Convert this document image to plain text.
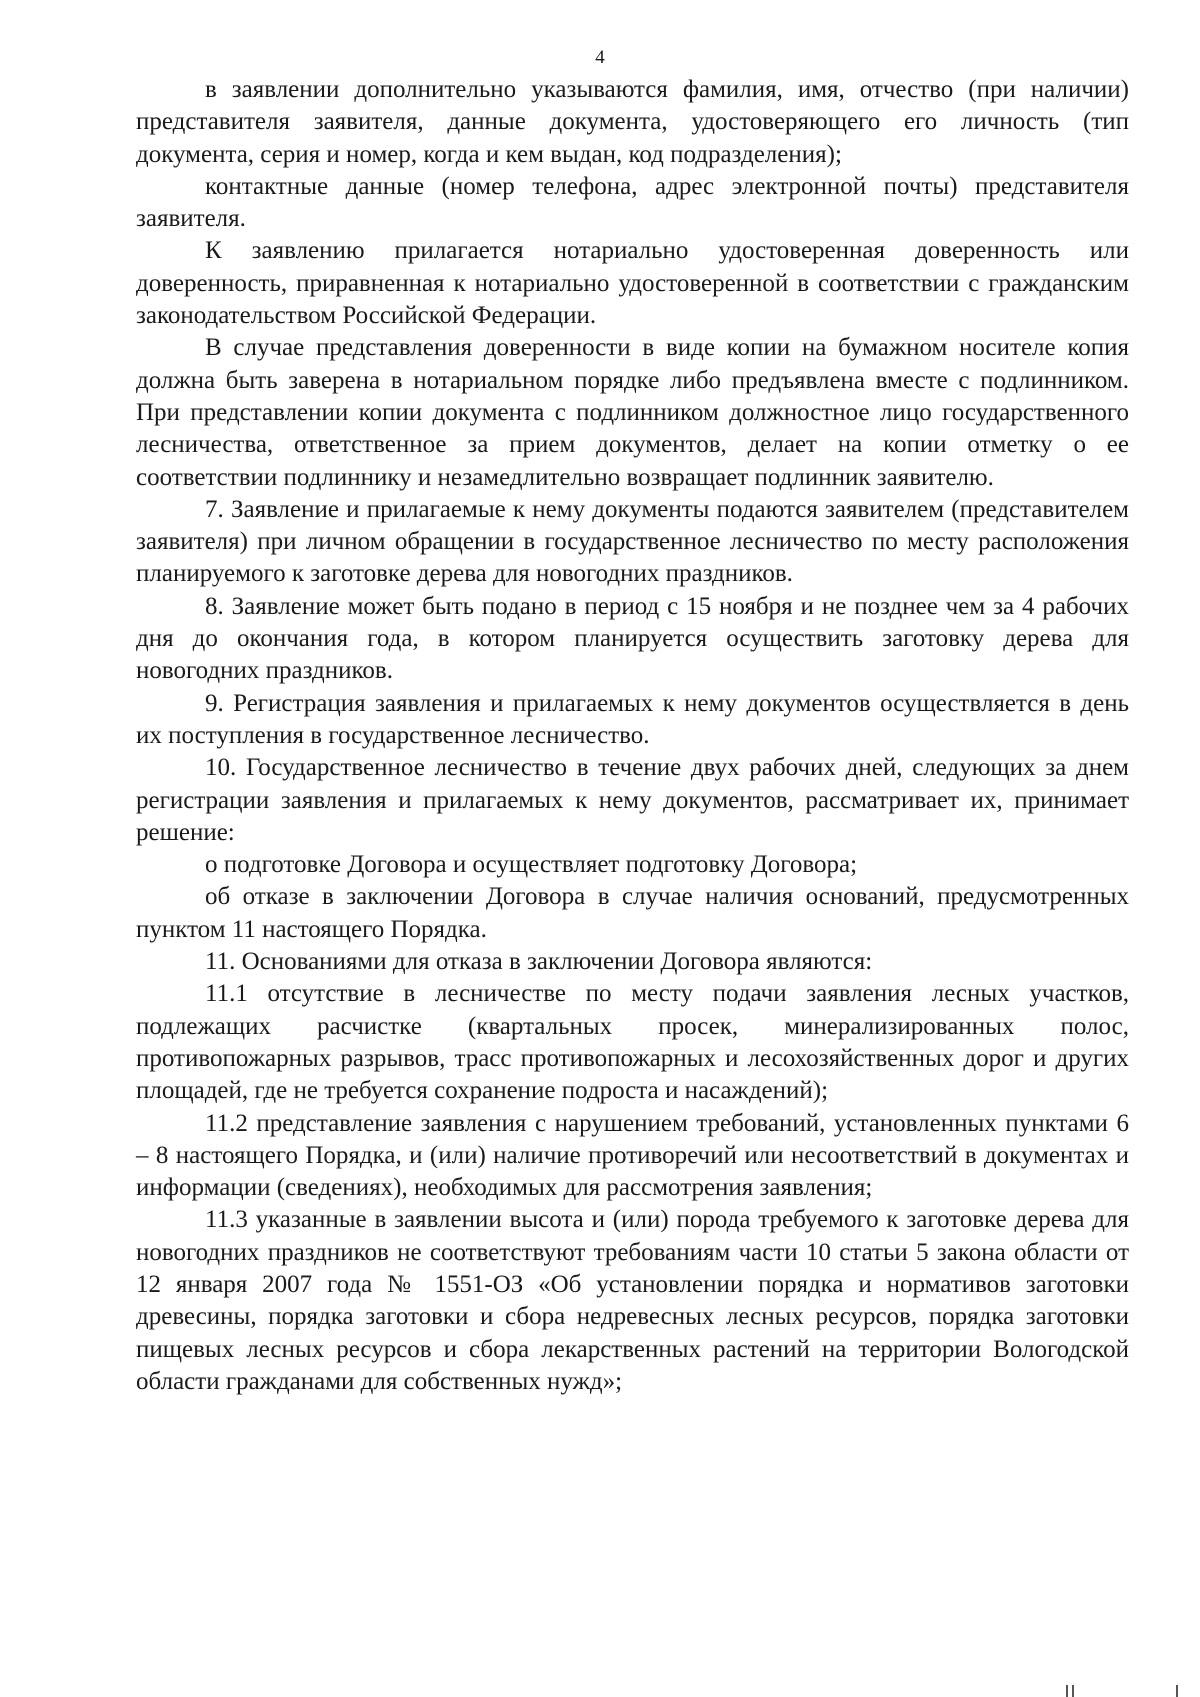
4

в заявлении дополнительно указываются фамилия, имя, отчество (при наличии) представителя заявителя, данные документа, удостоверяющего его личность (тип документа, серия и номер, когда и кем выдан, код подразделения);

контактные данные (номер телефона, адрес электронной почты) представителя заявителя.

К заявлению прилагается нотариально удостоверенная доверенность или доверенность, приравненная к нотариально удостоверенной в соответствии с гражданским законодательством Российской Федерации.

В случае представления доверенности в виде копии на бумажном носителе копия должна быть заверена в нотариальном порядке либо предъявлена вместе с подлинником. При представлении копии документа с подлинником должностное лицо государственного лесничества, ответственное за прием документов, делает на копии отметку о ее соответствии подлиннику и незамедлительно возвращает подлинник заявителю.

7. Заявление и прилагаемые к нему документы подаются заявителем (представителем заявителя) при личном обращении в государственное лесничество по месту расположения планируемого к заготовке дерева для новогодних праздников.

8. Заявление может быть подано в период с 15 ноября и не позднее чем за 4 рабочих дня до окончания года, в котором планируется осуществить заготовку дерева для новогодних праздников.

9. Регистрация заявления и прилагаемых к нему документов осуществляется в день их поступления в государственное лесничество.

10. Государственное лесничество в течение двух рабочих дней, следующих за днем регистрации заявления и прилагаемых к нему документов, рассматривает их, принимает решение:

о подготовке Договора и осуществляет подготовку Договора;

об отказе в заключении Договора в случае наличия оснований, предусмотренных пунктом 11 настоящего Порядка.

11. Основаниями для отказа в заключении Договора являются:

11.1 отсутствие в лесничестве по месту подачи заявления лесных участков, подлежащих расчистке (квартальных просек, минерализированных полос, противопожарных разрывов, трасс противопожарных и лесохозяйственных дорог и других площадей, где не требуется сохранение подроста и насаждений);

11.2 представление заявления с нарушением требований, установленных пунктами 6 – 8 настоящего Порядка, и (или) наличие противоречий или несоответствий в документах и информации (сведениях), необходимых для рассмотрения заявления;

11.3 указанные в заявлении высота и (или) порода требуемого к заготовке дерева для новогодних праздников не соответствуют требованиям части 10 статьи 5 закона области от 12 января 2007 года № 1551-ОЗ «Об установлении порядка и нормативов заготовки древесины, порядка заготовки и сбора недревесных лесных ресурсов, порядка заготовки пищевых лесных ресурсов и сбора лекарственных растений на территории Вологодской области гражданами для собственных нужд»;
